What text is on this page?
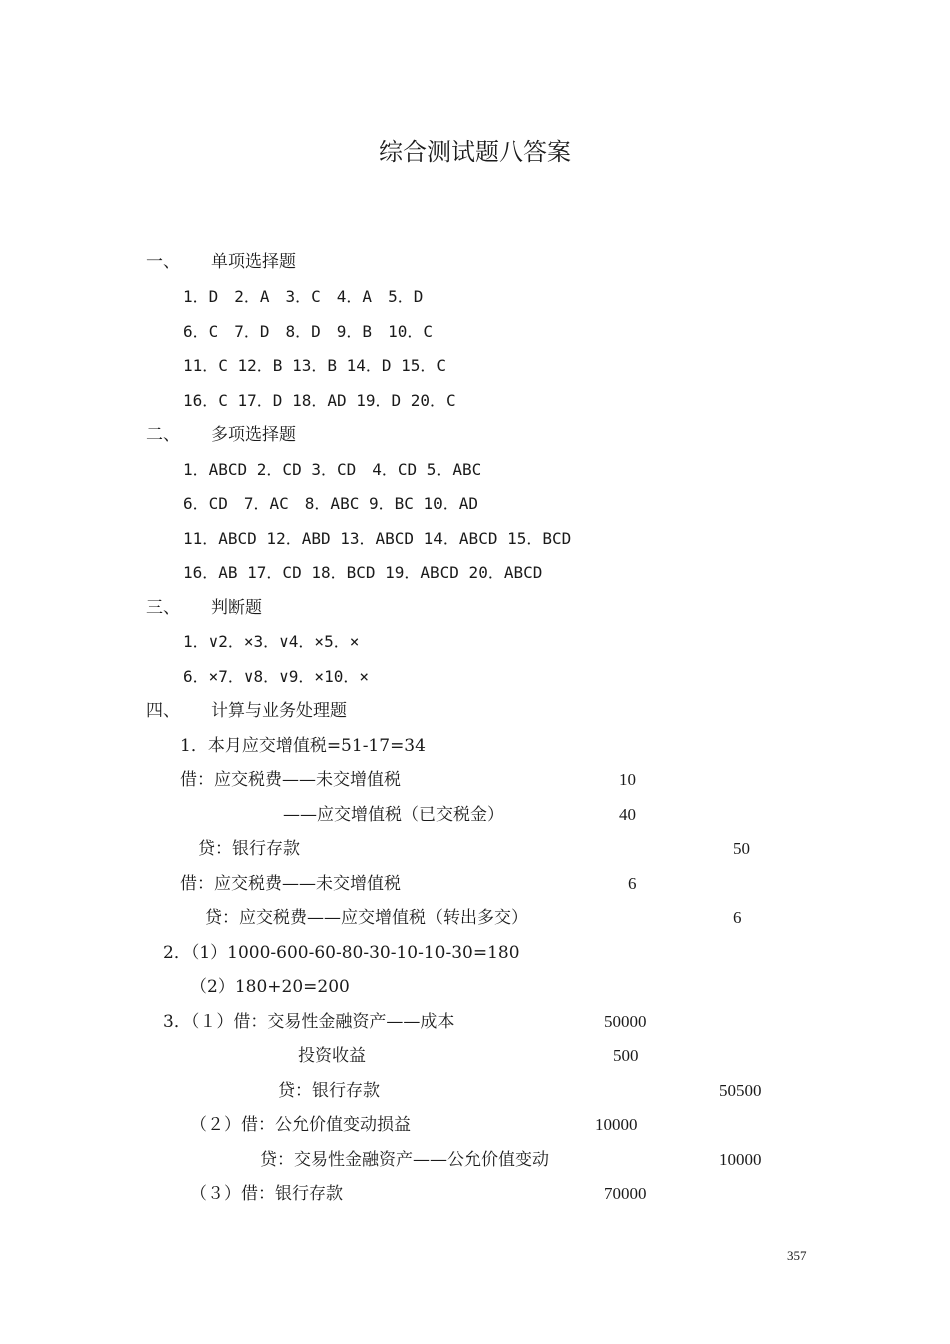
综合测试题八答案
一、 单项选择题
1．D　2．A　3．C　4．A　5．D
6．C　7．D　8．D　9．B　10．C
11．C 12．B 13．B 14．D 15．C
16．C 17．D 18．AD 19．D 20．C
二、 多项选择题
1．ABCD 2．CD 3．CD　4．CD 5．ABC
6．CD　7．AC　8．ABC 9．BC 10．AD
11．ABCD 12．ABD 13．ABCD 14．ABCD 15．BCD
16．AB 17．CD 18．BCD 19．ABCD 20．ABCD
三、 判断题
1．∨2．×3．∨4．×5．×
6．×7．∨8．∨9．×10．×
四、 计算与业务处理题
1．本月应交增值税=51-17=34
借：应交税费——未交增值税	10
——应交增值税（已交税金）	40
贷：银行存款	50
借：应交税费——未交增值税	6
贷：应交税费——应交增值税（转出多交）	6
2．（1）1000-600-60-80-30-10-10-30=180
（2）180+20=200
3．（１）借：交易性金融资产——成本	50000
投资收益	500
贷：银行存款	50500
（２）借：公允价值变动损益	10000
贷：交易性金融资产——公允价值变动	10000
（３）借：银行存款	70000
357
